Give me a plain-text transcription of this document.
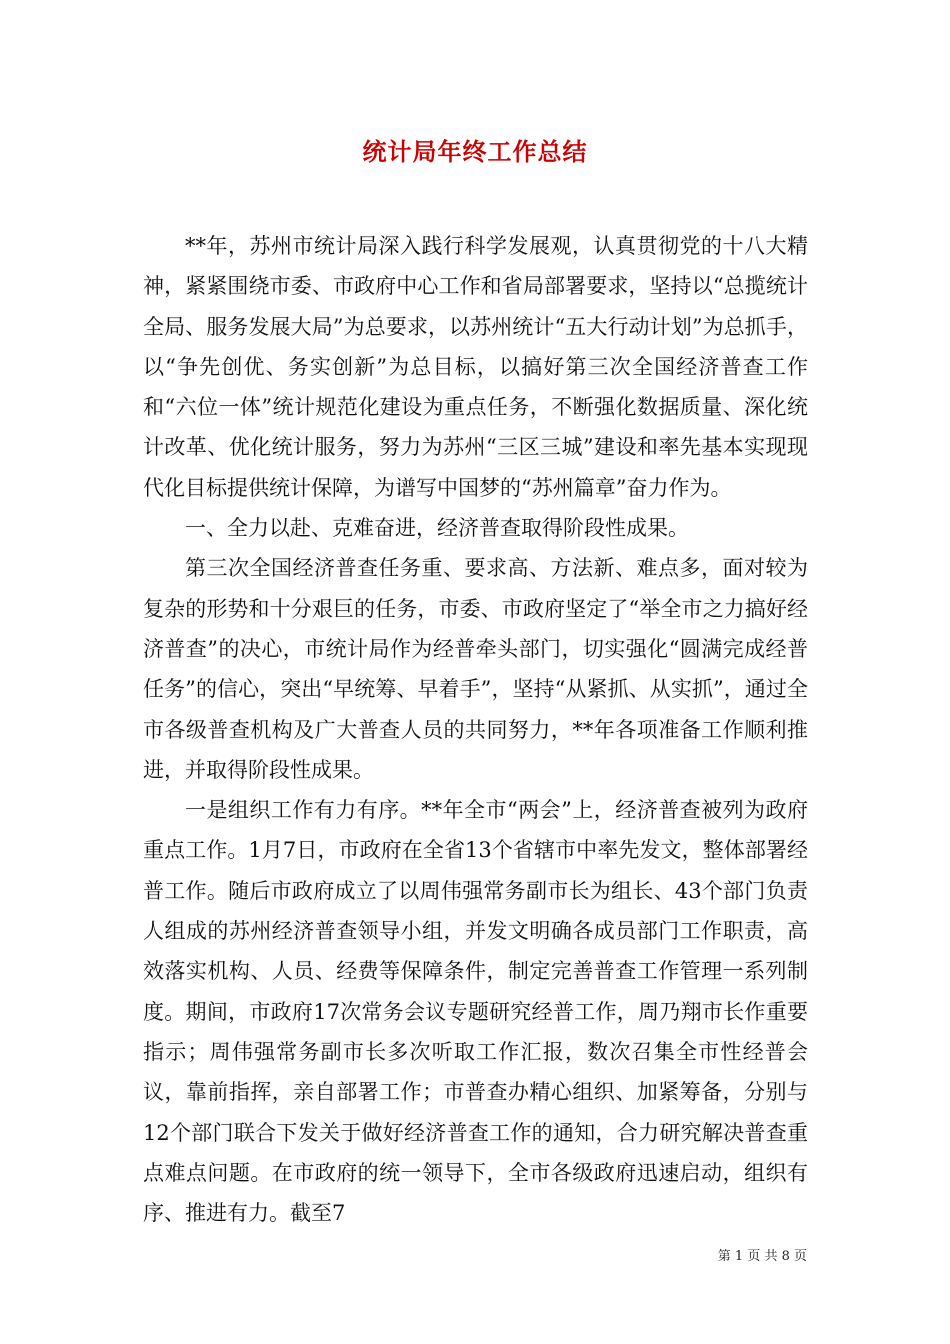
统计局年终工作总结

**年，苏州市统计局深入践行科学发展观，认真贯彻党的十八大精神，紧紧围绕市委、市政府中心工作和省局部署要求，坚持以“总揽统计全局、服务发展大局”为总要求，以苏州统计“五大行动计划”为总抓手，以“争先创优、务实创新”为总目标，以搞好第三次全国经济普查工作和“六位一体”统计规范化建设为重点任务，不断强化数据质量、深化统计改革、优化统计服务，努力为苏州“三区三城”建设和率先基本实现现代化目标提供统计保障，为谱写中国梦的“苏州篇章”奋力作为。

一、全力以赴、克难奋进，经济普查取得阶段性成果。

第三次全国经济普查任务重、要求高、方法新、难点多，面对较为复杂的形势和十分艰巨的任务，市委、市政府坚定了“举全市之力搞好经济普查”的决心，市统计局作为经普牵头部门，切实强化“圆满完成经普任务”的信心，突出“早统筹、早着手”，坚持“从紧抓、从实抓”，通过全市各级普查机构及广大普查人员的共同努力，**年各项准备工作顺利推进，并取得阶段性成果。

一是组织工作有力有序。**年全市“两会”上，经济普查被列为政府重点工作。1月7日，市政府在全省13个省辖市中率先发文，整体部署经普工作。随后市政府成立了以周伟强常务副市长为组长、43个部门负责人组成的苏州经济普查领导小组，并发文明确各成员部门工作职责，高效落实机构、人员、经费等保障条件，制定完善普查工作管理一系列制度。期间，市政府17次常务会议专题研究经普工作，周乃翔市长作重要指示；周伟强常务副市长多次听取工作汇报，数次召集全市性经普会议，靠前指挥，亲自部署工作；市普查办精心组织、加紧筹备，分别与12个部门联合下发关于做好经济普查工作的通知，合力研究解决普查重点难点问题。在市政府的统一领导下，全市各级政府迅速启动，组织有序、推进有力。截至7

第 1 页 共 8 页
